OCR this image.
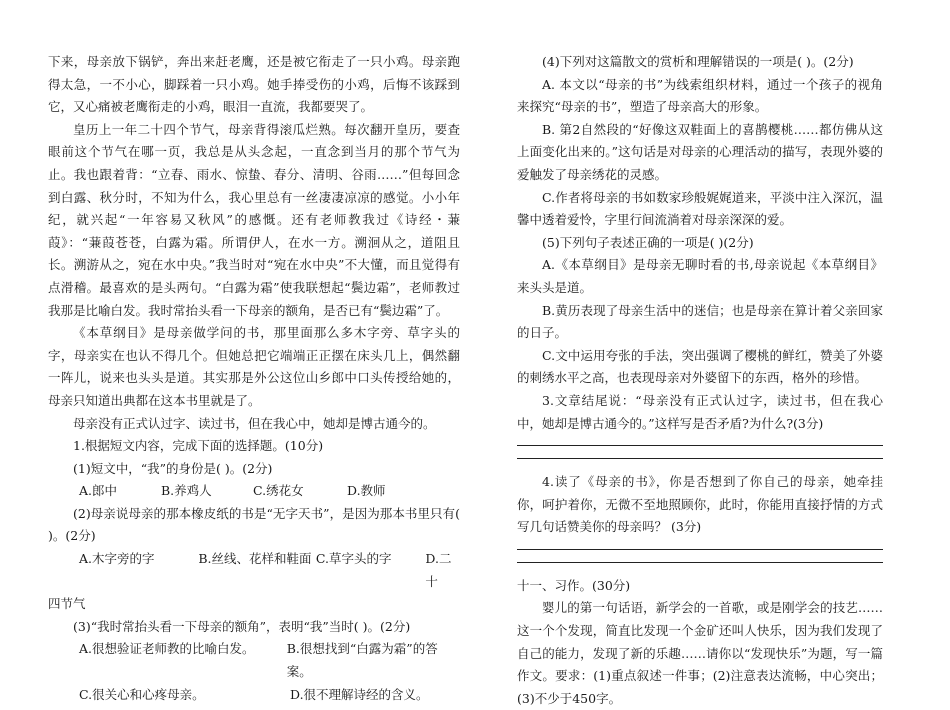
下来，母亲放下锅铲，奔出来赶老鹰，还是被它衔走了一只小鸡。母亲跑得太急，一不小心，脚踩着一只小鸡。她手捧受伤的小鸡，后悔不该踩到它，又心痛被老鹰衔走的小鸡，眼泪一直流，我都要哭了。

皇历上一年二十四个节气，母亲背得滚瓜烂熟。每次翻开皇历，要查眼前这个节气在哪一页，我总是从头念起，一直念到当月的那个节气为止。我也跟着背：“立春、雨水、惊蛰、春分、清明、谷雨……”但每回念到白露、秋分时，不知为什么，我心里总有一丝凄凄凉凉的感觉。小小年纪，就兴起“一年容易又秋风”的感慨。还有老师教我过《诗经・蒹葭》：“蒹葭苍苍，白露为霜。所谓伊人，在水一方。溯洄从之，道阻且长。溯游从之，宛在水中央。”我当时对“宛在水中央”不大懂，而且觉得有点滑稽。最喜欢的是头两句。“白露为霜”使我联想起“鬓边霜”，老师教过我那是比喻白发。我时常抬头看一下母亲的额角，是否已有“鬓边霜”了。

《本草纲目》是母亲做学问的书，那里面那么多木字旁、草字头的字，母亲实在也认不得几个。但她总把它端端正正摆在床头几上，偶然翻一阵儿，说来也头头是道。其实那是外公这位山乡郎中口头传授给她的，母亲只知道出典都在这本书里就是了。

母亲没有正式认过字、读过书，但在我心中，她却是博古通今的。

1.根据短文内容，完成下面的选择题。(10分)

(1)短文中，“我”的身份是( )。(2分)

A.郎中	B.养鸡人	C.绣花女	D.教师

(2)母亲说母亲的那本橡皮纸的书是“无字天书”，是因为那本书里只有( )。(2分)

A.木字旁的字	B.丝线、花样和鞋面 C.草字头的字	D.二十

四节气

(3)“我时常抬头看一下母亲的额角”，表明“我”当时( )。(2分)

A.很想验证老师教的比喻白发。	B.很想找到“白露为霜”的答案。
C.很关心和心疼母亲。	D.很不理解诗经的含义。

(4)下列对这篇散文的赏析和理解错误的一项是( )。(2分)

A. 本文以“母亲的书”为线索组织材料，通过一个孩子的视角来探究“母亲的书”，塑造了母亲高大的形象。

B. 第2自然段的“好像这双鞋面上的喜鹊樱桃……都仿佛从这上面变化出来的。”这句话是对母亲的心理活动的描写，表现外婆的爱触发了母亲绣花的灵感。

C.作者将母亲的书如数家珍般娓娓道来，平淡中注入深沉，温馨中透着爱怜，字里行间流淌着对母亲深深的爱。

(5)下列句子表述正确的一项是( )(2分)

A.《本草纲目》是母亲无聊时看的书,母亲说起《本草纲目》来头头是道。

B.黄历表现了母亲生活中的迷信；也是母亲在算计着父亲回家的日子。

C.文中运用夸张的手法，突出强调了樱桃的鲜红，赞美了外婆的刺绣水平之高，也表现母亲对外婆留下的东西，格外的珍惜。

3.文章结尾说：“母亲没有正式认过字，读过书，但在我心中，她却是博古通今的。”这样写是否矛盾?为什么?(3分)

4.读了《母亲的书》，你是否想到了你自己的母亲，她牵挂你，呵护着你，无微不至地照顾你，此时，你能用直接抒情的方式写几句话赞美你的母亲吗？ (3分)

十一、习作。(30分)

婴儿的第一句话语，新学会的一首歌，或是刚学会的技艺……这一个个发现，简直比发现一个金矿还叫人快乐，因为我们发现了自己的能力，发现了新的乐趣……请你以“发现快乐”为题，写一篇作文。要求：(1)重点叙述一件事；(2)注意表达流畅，中心突出；(3)不少于450字。
